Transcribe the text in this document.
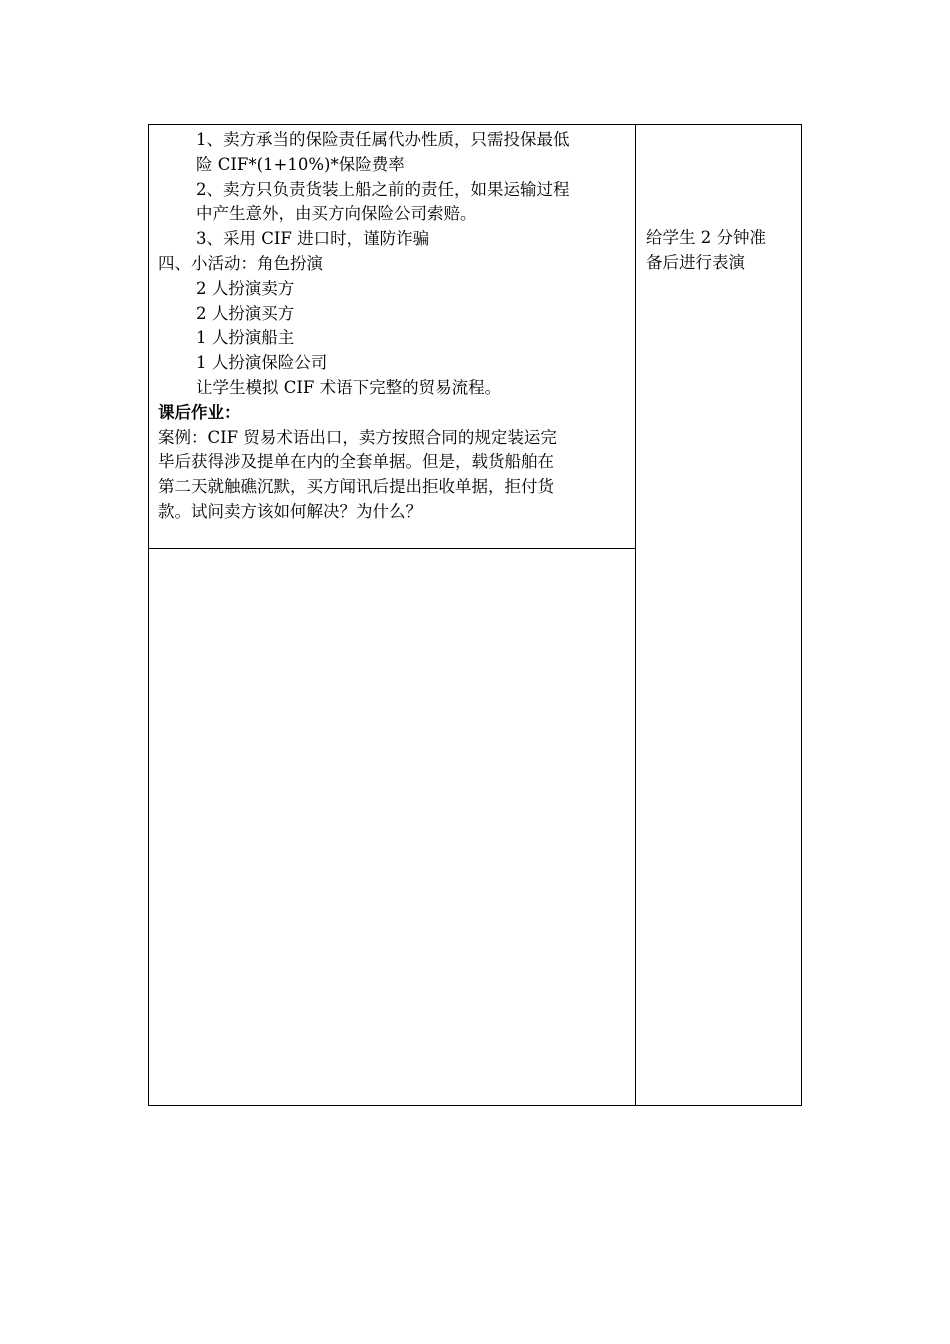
1、卖方承当的保险责任属代办性质，只需投保最低
险 CIF*(1+10%)*保险费率
2、卖方只负责货装上船之前的责任，如果运输过程
中产生意外，由买方向保险公司索赔。
3、采用 CIF 进口时，谨防诈骗
四、小活动：角色扮演
2 人扮演卖方
2 人扮演买方
1 人扮演船主
1 人扮演保险公司
让学生模拟 CIF 术语下完整的贸易流程。
课后作业：
案例：CIF 贸易术语出口，卖方按照合同的规定装运完
毕后获得涉及提单在内的全套单据。但是，载货船舶在
第二天就触礁沉默，买方闻讯后提出拒收单据，拒付货
款。试问卖方该如何解决？为什么？
给学生 2 分钟准
备后进行表演
